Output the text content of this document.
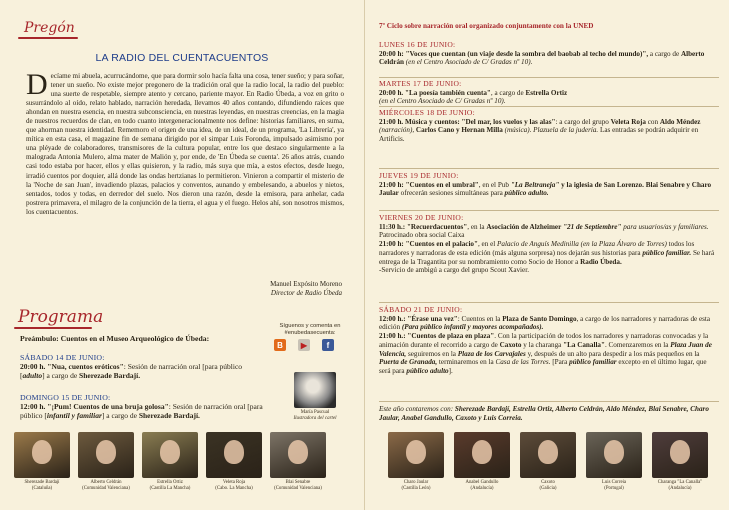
Pregón
LA RADIO DEL CUENTACUENTOS
Decíame mi abuela, acurrucándome, que para dormir solo hacía falta una cosa, tener sueño; y para soñar, tener un sueño. No existe mejor pregonero de la tradición oral que la radio local, la radio del pueblo: una suerte de respetable, siempre atento y cercano, pariente mayor. En Radio Úbeda, a voz en grito o susurrándolo al oído, relato hablado, narración heredada, llevamos 40 años contando, difundiendo raíces que ahondan en nuestra esencia, en nuestra subconsciencia, en nuestras leyendas, en nuestras creencias, en la magia de nuestros recuerdos de clan, en todo cuanto intergeneracionalmente nos define: historias familiares, en suma, que ahorman nuestra identidad. Rememoro el origen de una idea, de un ideal, de un programa, 'La Librería', ya mítica en esta casa, el magazine fin de semana dirigido por el simpar Luis Foronda, impulsado asimismo por una pléyade de colaboradores, transmisores de la cultura popular, entre los que destaco singularmente a la malograda Antonia Mulero, alma mater de Malión y, por ende, de 'En Úbeda se cuenta'. 26 años atrás, cuando casi todo estaba por hacer, ellos y ellas quisieron, y la radio, más suya que mía, a estos efectos, desde luego, irradió cuentos por doquier, allá donde las ondas hertzianas lo permitieron. Vinieron a compartir el misterio de la 'Noche de san Juan', invadiendo plazas, palacios y conventos, aunando y embelesando, a abuelos y nietos, sentados, todos y todas, en derredor del suelo. Nos dieron una razón, desde la emisora, para anhelar, cada postrera primavera, el milagro de la conjunción de la tierra, el agua y el fuego. Helos ahí, son nosotros mismos, los cuentacuentos.
Manuel Expósito Moreno
Director de Radio Úbeda
Programa	Síguenos y comenta en #enubedasecuenta:
B	▶	f
Preámbulo: Cuentos en el Museo Arqueológico de Úbeda:
SÁBADO 14 DE JUNIO:
20:00 h. "Nua, cuentos eróticos": Sesión de narración oral [para público [adulto] a cargo de Sherezade Bardají.
DOMINGO 15 DE JUNIO:
12:00 h. "¡Pum! Cuentos de una bruja golosa": Sesión de narración oral [para público [infantil y familiar] a cargo de Sherezade Bardají.	María Pascual
Ilustradora del cartel
Sherezade Bardají
(Cataluña)
Alberto Celdrán
(Comunidad Valenciana)
Estrella Ortiz
(Castilla La Mancha)
Veleta Roja
(Cabo. La Mancha)
Blai Senabre
(Comunidad Valenciana)
7º Ciclo sobre narración oral organizado conjuntamente con la UNED
LUNES 16 DE JUNIO:
20:00 h: "Voces que cuentan (un viaje desde la sombra del baobab al techo del mundo)", a cargo de Alberto Celdrán (en el Centro Asociado de C/ Gradas nº 10).
MARTES 17 DE JUNIO:
20:00 h. "La poesía también cuenta", a cargo de Estrella Ortiz
(en el Centro Asociado de C/ Gradas nº 10).
MIÉRCOLES 18 DE JUNIO:
21:00 h. Música y cuentos: "Del mar, los vuelos y las alas": a cargo del grupo Veleta Roja con Aldo Méndez (narración), Carlos Cano y Hernan Milla (música). Plazuela de la judería. Las entradas se podrán adquirir en Artificis.
JUEVES 19 DE JUNIO:
21:00 h: "Cuentos en el umbral", en el Pub "La Beltraneja" y la iglesia de San Lorenzo. Blai Senabre y Charo Jaular ofrecerán sesiones simultáneas para público adulto.
VIERNES 20 DE JUNIO:
11:30 h.: "Recuerdacuentos", en la Asociación de Alzheimer "21 de Septiembre" para usuarios/as y familiares. Patrocinado obra social Caixa
21:00 h: "Cuentos en el palacio", en el Palacio de Anguís Medinilla (en la Plaza Álvaro de Torres) todos los narradores y narradoras de esta edición (más alguna sorpresa) nos dejarán sus historias para público familiar. Se hará entrega de la Tragantita por su nombramiento como Socio de Honor a Radio Úbeda.
-Servicio de ambigú a cargo del grupo Scout Xavier.
SÁBADO 21 DE JUNIO:
12:00 h.: "Érase una vez": Cuentos en la Plaza de Santo Domingo, a cargo de los narradores y narradoras de esta edición (Para público infantil y mayores acompañados).
21:00 h.: "Cuentos de plaza en plaza". Con la participación de todos los narradores y narradoras convocadas y la animación durante el recorrido a cargo de Caxoto y la charanga "La Canalla". Comenzaremos en la Plaza Juan de Valencia, seguiremos en la Plaza de los Carvajales y, después de un alto para despedir a los más pequeños en la Puerta de Granada, terminaremos en la Casa de las Torres. [Para público familiar excepto en el último lugar, que será para público adulto].
Este año contaremos con: Sherezade Bardají, Estrella Ortiz, Alberto Celdrán, Aldo Méndez, Blai Senabre, Charo Jaular, Anabel Gandullo, Caxoto y Luis Correia.
Charo Jaular
(Castilla León)
Anabel Gandullo
(Andalucía)
Caxoto
(Galicia)
Luis Correia
(Portugal)
Charanga "La Canalla"
(Andalucía)
